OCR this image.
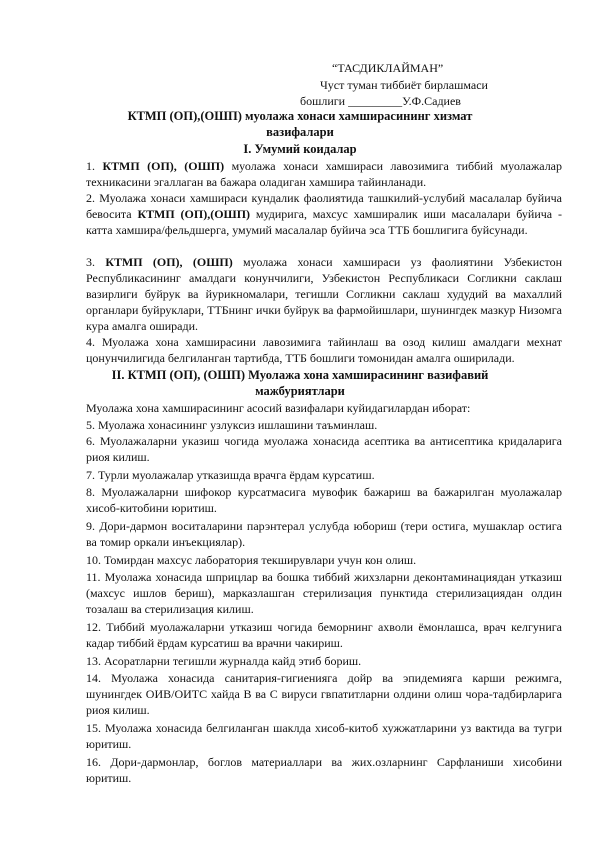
“ТАСДИКЛАЙМАН”
Чуст туман тиббиёт бирлашмаси
бошлиги _________У.Ф.Садиев
КТМП (ОП),(ОШП) муолажа хонаси хамширасининг хизмат
вазифалари
I. Умумий коидалар

1. КТМП (ОП), (ОШП) муолажа хонаси хамшираси лавозимига тиббий муолажалар техникасини эгаллаган ва бажара оладиган хамшира тайинланади.

2. Муолажа хонаси хамшираси кундалик фаолиятида ташкилий-услубий масалалар буйича бевосита КТМП (ОП),(ОШП) мудирига, махсус хамширалик иши масалалари буйича - катта хамшира/фельдшерга, умумий масалалар буйича эса ТТБ бошлигига буйсунади.

3. КТМП (ОП), (ОШП) муолажа хонаси хамшираси уз фаолиятини Узбекистон Республикасининг амалдаги конунчилиги, Узбекистон Республикаси Согликни саклаш вазирлиги буйрук ва йурикномалари, тегишли Согликни саклаш худудий ва махаллий органлари буйруклари, ТТБнинг ички буйрук ва фармойишлари, шунингдек мазкур Низомга кура амалга оширади.

4. Муолажа хона хамширасини лавозимига тайинлаш ва озод килиш амалдаги мехнат цонунчилигида белгиланган тартибда, ТТБ бошлиги томонидан амалга оширилади.

II. КТМП (ОП), (ОШП) Муолажа хона хамширасининг вазифавий
мажбуриятлари

Муолажа хона хамширасининг асосий вазифалари куйидагилардан иборат:

5. Муолажа хонасининг узлуксиз ишлашини таъминлаш.

6. Муолажаларни указиш чогида муолажа хонасида асептика ва антисептика кридаларига риоя килиш.

7. Турли муолажалар утказишда врачга ёрдам курсатиш.

8. Муолажаларни шифокор курсатмасига мувофик бажариш ва бажарилган муолажалар хисоб-китобини юритиш.

9. Дори-дармон воситаларини парэнтерал услубда юбориш (тери остига, мушаклар остига ва томир оркали инъекциялар).

10. Томирдан махсус лаборатория текширувлари учун кон олиш.

11. Муолажа хонасида шприцлар ва бошка тиббий жихзларни деконтаминациядан утказиш (махсус ишлов бериш), марказлашган стерилизация пунктида стерилизациядан олдин тозалаш ва стерилизация килиш.

12. Тиббий муолажаларни утказиш чогида беморнинг ахволи ёмонлашса, врач келгунига кадар тиббий ёрдам курсатиш ва врачни чакириш.

13. Асоратларни тегишли журналда кайд этиб бориш.

14. Муолажа хонасида санитария-гигиенияга дойр ва эпидемияга карши режимга, шунингдек ОИВ/ОИТС хайда В ва С вируси гвпатитларни олдини олиш чора-тадбирларига риоя килиш.

15. Муолажа хонасида белгиланган шаклда хисоб-китоб хужжатларини уз вактида ва тугри юритиш.

16. Дори-дармонлар, боглов материаллари ва жих.озларнинг Сарфланиши хисобини юритиш.
